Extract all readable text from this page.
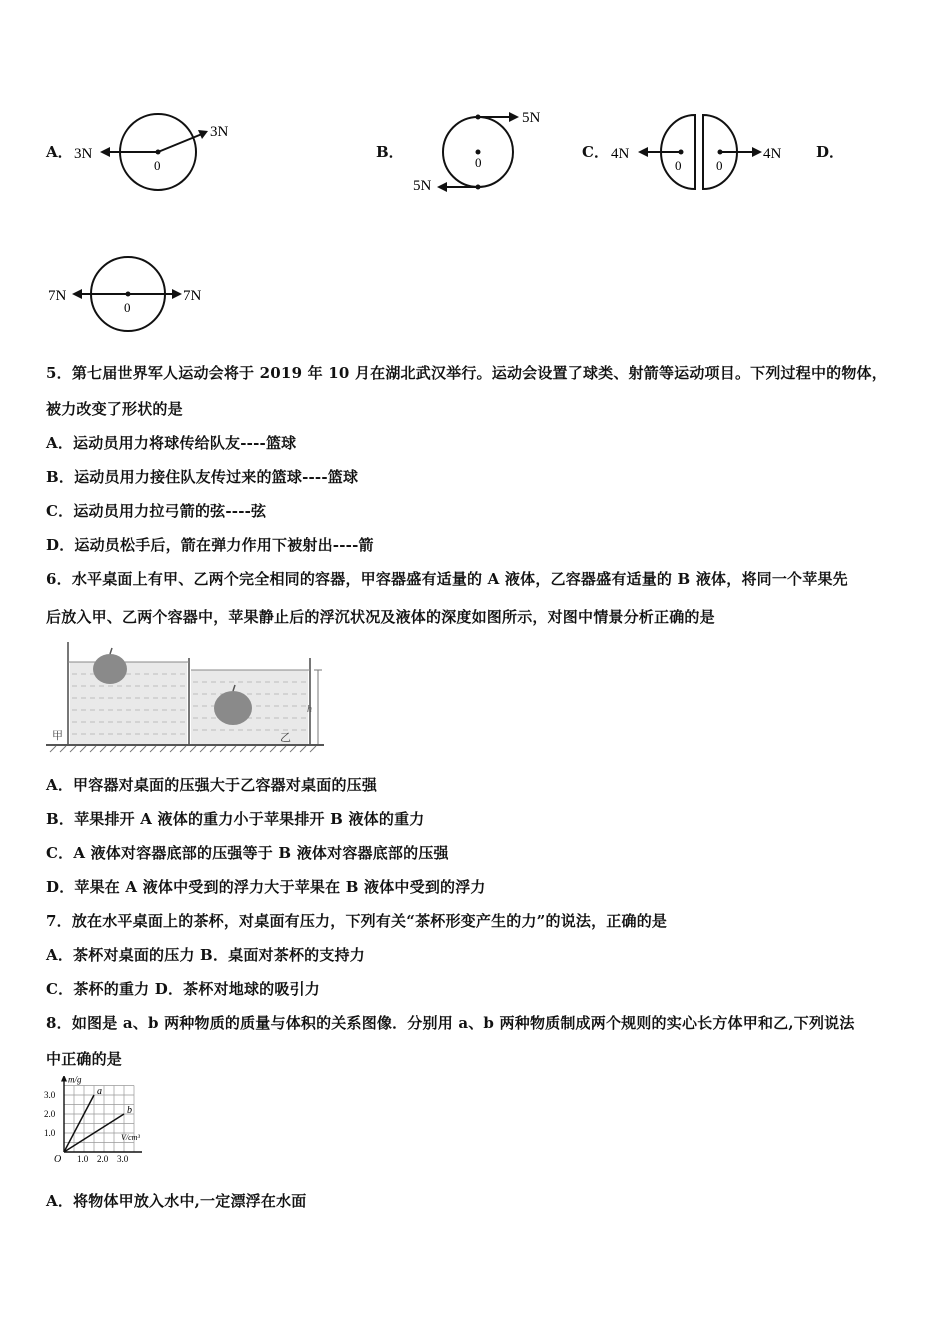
A． 3N
3N
0
B．
5N
5N
0
C． 4N	4N
0	0
D．
7N	7N
0
5．第七届世界军人运动会将于 2019 年 10 月在湖北武汉举行。运动会设置了球类、射箭等运动项目。下列过程中的物体，
被力改变了形状的是
A．运动员用力将球传给队友----篮球
B．运动员用力接住队友传过来的篮球----篮球
C．运动员用力拉弓箭的弦----弦
D．运动员松手后，箭在弹力作用下被射出----箭
6．水平桌面上有甲、乙两个完全相同的容器，甲容器盛有适量的 A 液体，乙容器盛有适量的 B 液体，将同一个苹果先
后放入甲、乙两个容器中，苹果静止后的浮沉状况及液体的深度如图所示，对图中情景分析正确的是
h
甲	乙
A．甲容器对桌面的压强大于乙容器对桌面的压强
B．苹果排开 A 液体的重力小于苹果排开 B 液体的重力
C．A 液体对容器底部的压强等于 B 液体对容器底部的压强
D．苹果在 A 液体中受到的浮力大于苹果在 B 液体中受到的浮力
7．放在水平桌面上的茶杯，对桌面有压力，下列有关“茶杯形变产生的力”的说法，正确的是
A．茶杯对桌面的压力 B．桌面对茶杯的支持力
C．茶杯的重力 D．茶杯对地球的吸引力
8．如图是 a、b 两种物质的质量与体积的关系图像．分别用 a、b 两种物质制成两个规则的实心长方体甲和乙,下列说法
中正确的是
1.0 2.0 3.0
1.0
2.0
3.0
O
m/g
V/cm³
a
b
A．将物体甲放入水中,一定漂浮在水面
